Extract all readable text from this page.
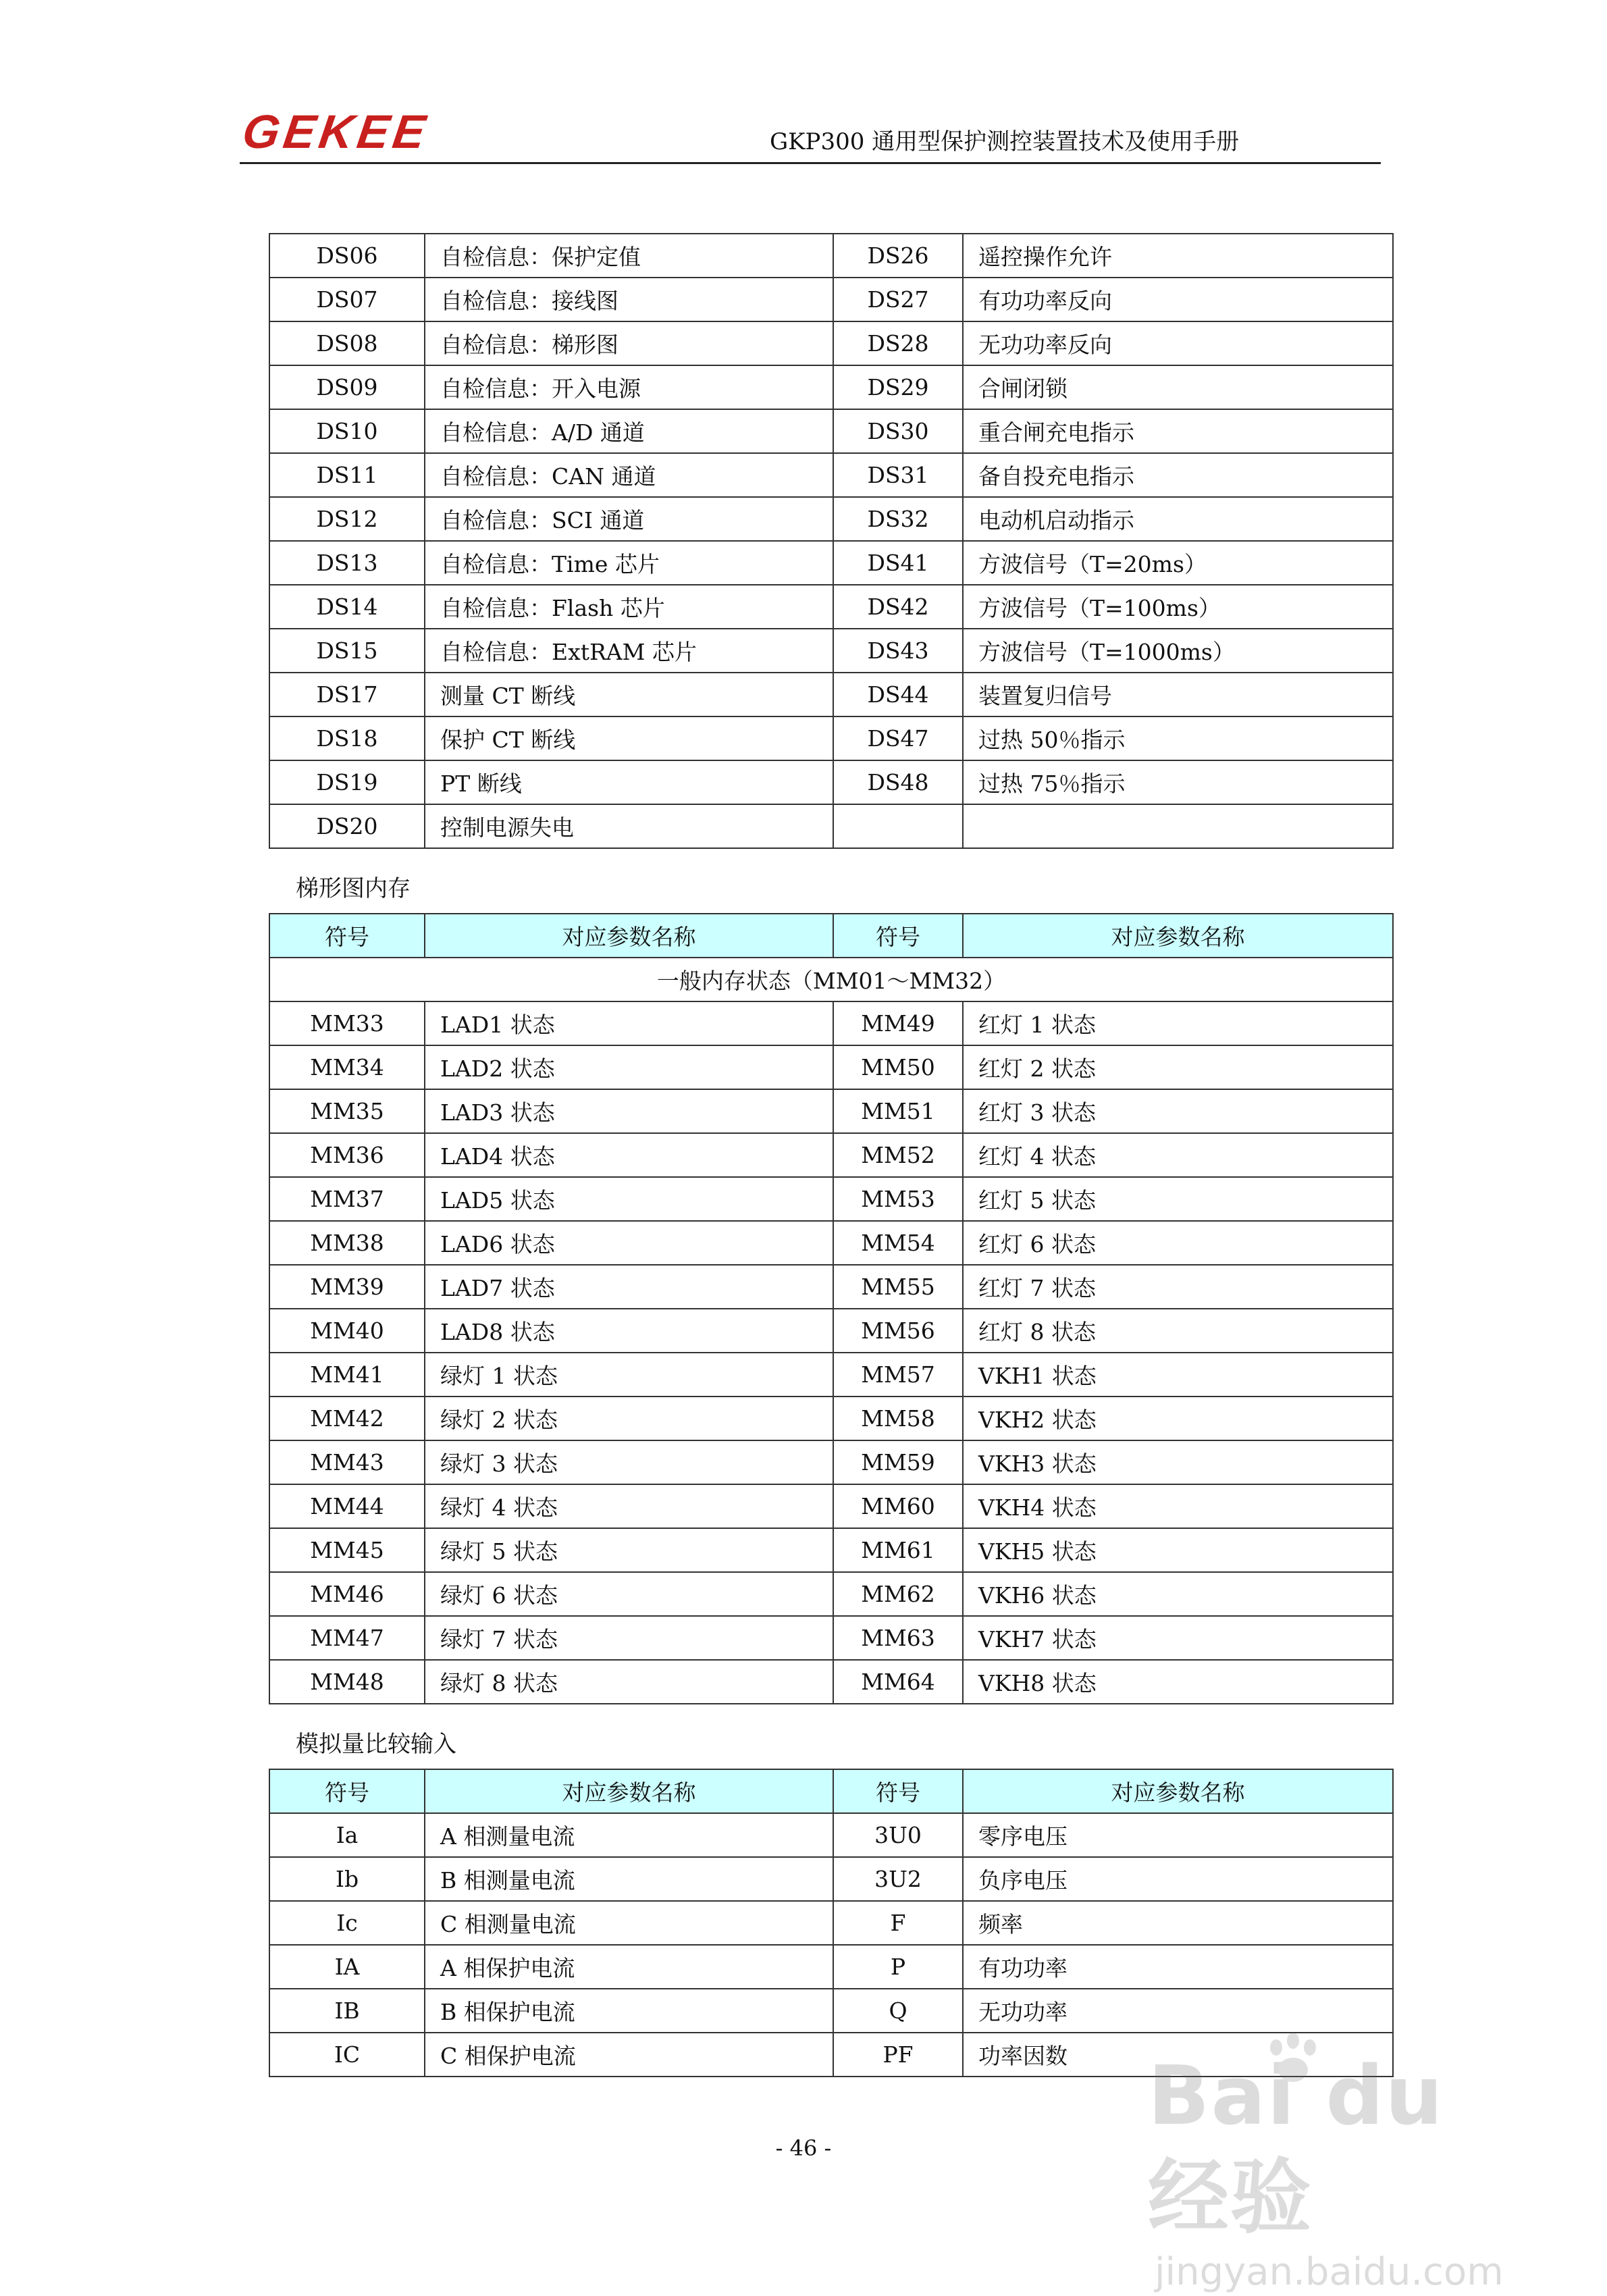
GEKEE	GKP300 通用型保护测控装置技术及使用手册
DS06	自检信息：保护定值	DS26	遥控操作允许
DS07	自检信息：接线图	DS27	有功功率反向
DS08	自检信息：梯形图	DS28	无功功率反向
DS09	自检信息：开入电源	DS29	合闸闭锁
DS10	自检信息：A/D 通道	DS30	重合闸充电指示
DS11	自检信息：CAN 通道	DS31	备自投充电指示
DS12	自检信息：SCI 通道	DS32	电动机启动指示
DS13	自检信息：Time 芯片	DS41	方波信号（T=20ms）
DS14	自检信息：Flash 芯片	DS42	方波信号（T=100ms）
DS15	自检信息：ExtRAM 芯片	DS43	方波信号（T=1000ms）
DS17	测量 CT 断线	DS44	装置复归信号
DS18	保护 CT 断线	DS47	过热 50％指示
DS19	PT 断线	DS48	过热 75％指示
DS20	控制电源失电		
梯形图内存
符号	对应参数名称	符号	对应参数名称
一般内存状态（MM01～MM32）			
MM33	LAD1 状态	MM49	红灯 1 状态
MM34	LAD2 状态	MM50	红灯 2 状态
MM35	LAD3 状态	MM51	红灯 3 状态
MM36	LAD4 状态	MM52	红灯 4 状态
MM37	LAD5 状态	MM53	红灯 5 状态
MM38	LAD6 状态	MM54	红灯 6 状态
MM39	LAD7 状态	MM55	红灯 7 状态
MM40	LAD8 状态	MM56	红灯 8 状态
MM41	绿灯 1 状态	MM57	VKH1 状态
MM42	绿灯 2 状态	MM58	VKH2 状态
MM43	绿灯 3 状态	MM59	VKH3 状态
MM44	绿灯 4 状态	MM60	VKH4 状态
MM45	绿灯 5 状态	MM61	VKH5 状态
MM46	绿灯 6 状态	MM62	VKH6 状态
MM47	绿灯 7 状态	MM63	VKH7 状态
MM48	绿灯 8 状态	MM64	VKH8 状态
模拟量比较输入
符号	对应参数名称	符号	对应参数名称
Ia	A 相测量电流	3U0	零序电压
Ib	B 相测量电流	3U2	负序电压
Ic	C 相测量电流	F	频率
IA	A 相保护电流	P	有功功率
IB	B 相保护电流	Q	无功功率
IC	C 相保护电流	PF	功率因数
- 46 -
Bai du 经验
jingyan.baidu.com
